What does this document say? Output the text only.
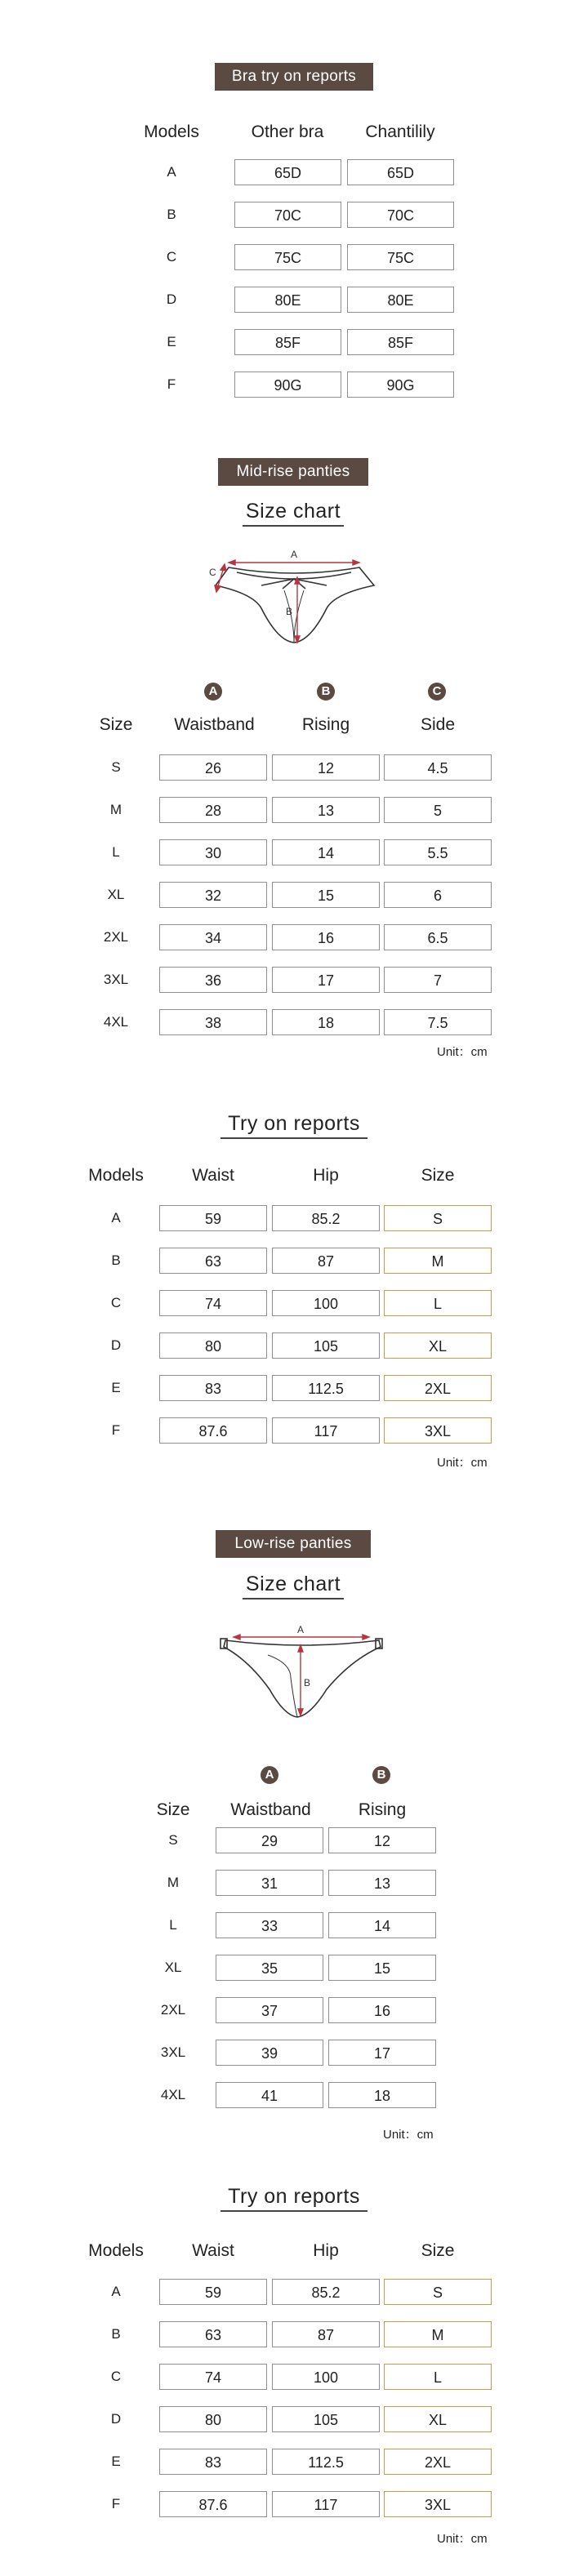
Bra try on reports
Models	Other bra	Chantilily
A	65D	65D
B	70C	70C
C	75C	75C
D	80E	80E
E	85F	85F
F	90G	90G
Mid-rise panties
Size chart
A
B
C
A	B	C
Size	Waistband	Rising	Side
S	26	12	4.5
M	28	13	5
L	30	14	5.5
XL	32	15	6
2XL	34	16	6.5
3XL	36	17	7
4XL	38	18	7.5
Unit：cm
Try on reports
Models	Waist	Hip	Size
A	59	85.2	S
B	63	87	M
C	74	100	L
D	80	105	XL
E	83	112.5	2XL
F	87.6	117	3XL
Unit：cm
Low-rise panties
Size chart
A
B
A	B
Size	Waistband	Rising
S	29	12
M	31	13
L	33	14
XL	35	15
2XL	37	16
3XL	39	17
4XL	41	18
Unit：cm
Try on reports
Models	Waist	Hip	Size
A	59	85.2	S
B	63	87	M
C	74	100	L
D	80	105	XL
E	83	112.5	2XL
F	87.6	117	3XL
Unit：cm
